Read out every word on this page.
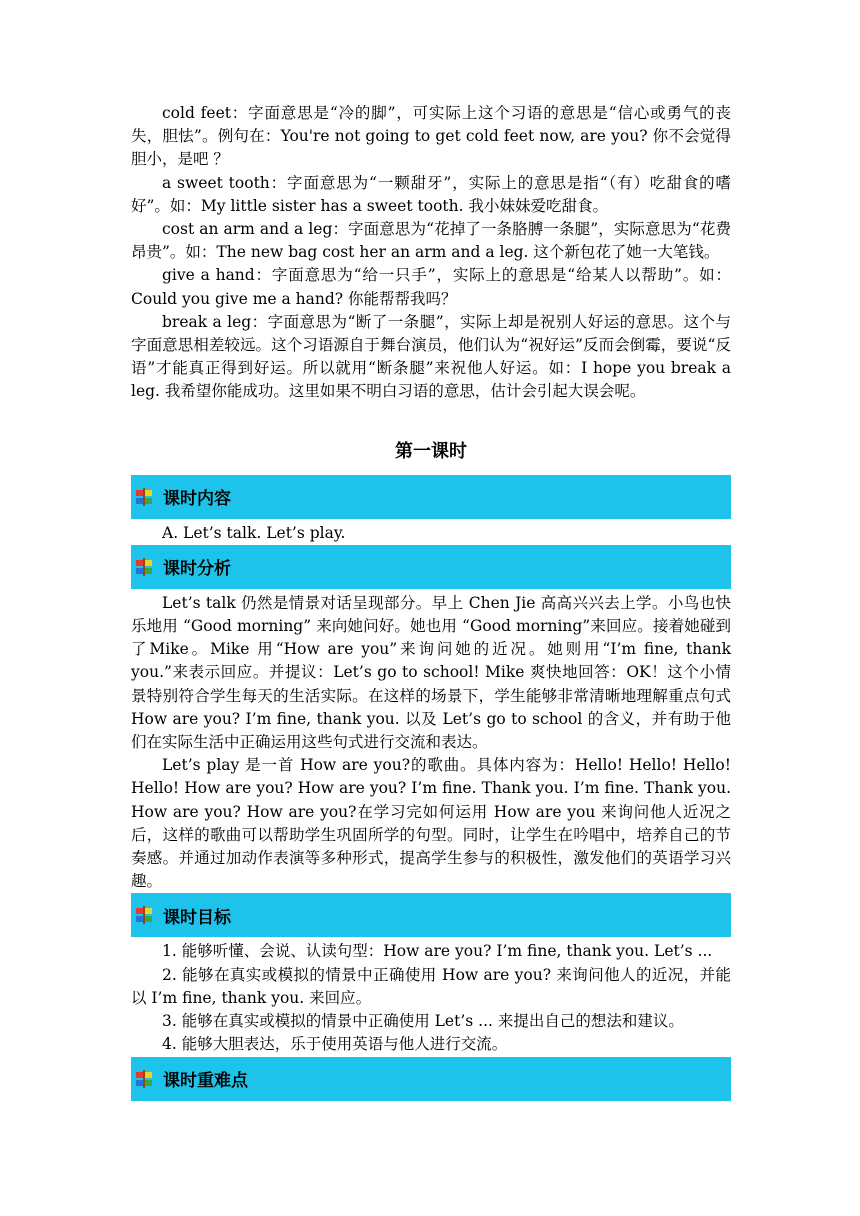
cold feet：字面意思是“冷的脚”，可实际上这个习语的意思是“信心或勇气的丧失，胆怯”。例句在：You're not going to get cold feet now, are you? 你不会觉得胆小，是吧 ？

a sweet tooth：字面意思为“一颗甜牙”，实际上的意思是指“（有）吃甜食的嗜好”。如：My little sister has a sweet tooth. 我小妹妹爱吃甜食。

cost an arm and a leg：字面意思为“花掉了一条胳膊一条腿”，实际意思为“花费昂贵”。如：The new bag cost her an arm and a leg. 这个新包花了她一大笔钱。

give a hand：字面意思为“给一只手”，实际上的意思是“给某人以帮助”。如：Could you give me a hand? 你能帮帮我吗？

break a leg：字面意思为“断了一条腿”，实际上却是祝别人好运的意思。这个与字面意思相差较远。这个习语源自于舞台演员，他们认为“祝好运”反而会倒霉，要说“反语”才能真正得到好运。所以就用“断条腿”来祝他人好运。如：I hope you break a leg. 我希望你能成功。这里如果不明白习语的意思，估计会引起大误会呢。

第一课时
课时内容

A. Let’s talk. Let’s play.

课时分析

Let’s talk 仍然是情景对话呈现部分。早上 Chen Jie 高高兴兴去上学。小鸟也快乐地用 “Good morning” 来向她问好。她也用 “Good morning”来回应。接着她碰到了Mike。Mike 用“How are you”来询问她的近况。她则用“I’m fine, thank you.”来表示回应。并提议：Let’s go to school! Mike 爽快地回答：OK！这个小情景特别符合学生每天的生活实际。在这样的场景下，学生能够非常清晰地理解重点句式 How are you? I’m fine, thank you. 以及 Let’s go to school 的含义，并有助于他们在实际生活中正确运用这些句式进行交流和表达。

Let’s play 是一首 How are you?的歌曲。具体内容为：Hello! Hello! Hello! Hello! How are you? How are you? I’m fine. Thank you. I’m fine. Thank you. How are you? How are you?在学习完如何运用 How are you 来询问他人近况之后，这样的歌曲可以帮助学生巩固所学的句型。同时，让学生在吟唱中，培养自己的节奏感。并通过加动作表演等多种形式，提高学生参与的积极性，激发他们的英语学习兴趣。

课时目标

1. 能够听懂、会说、认读句型：How are you? I’m fine, thank you. Let’s ...

2. 能够在真实或模拟的情景中正确使用 How are you? 来询问他人的近况，并能以 I’m fine, thank you. 来回应。

3. 能够在真实或模拟的情景中正确使用 Let’s ... 来提出自己的想法和建议。

4. 能够大胆表达，乐于使用英语与他人进行交流。

课时重难点
